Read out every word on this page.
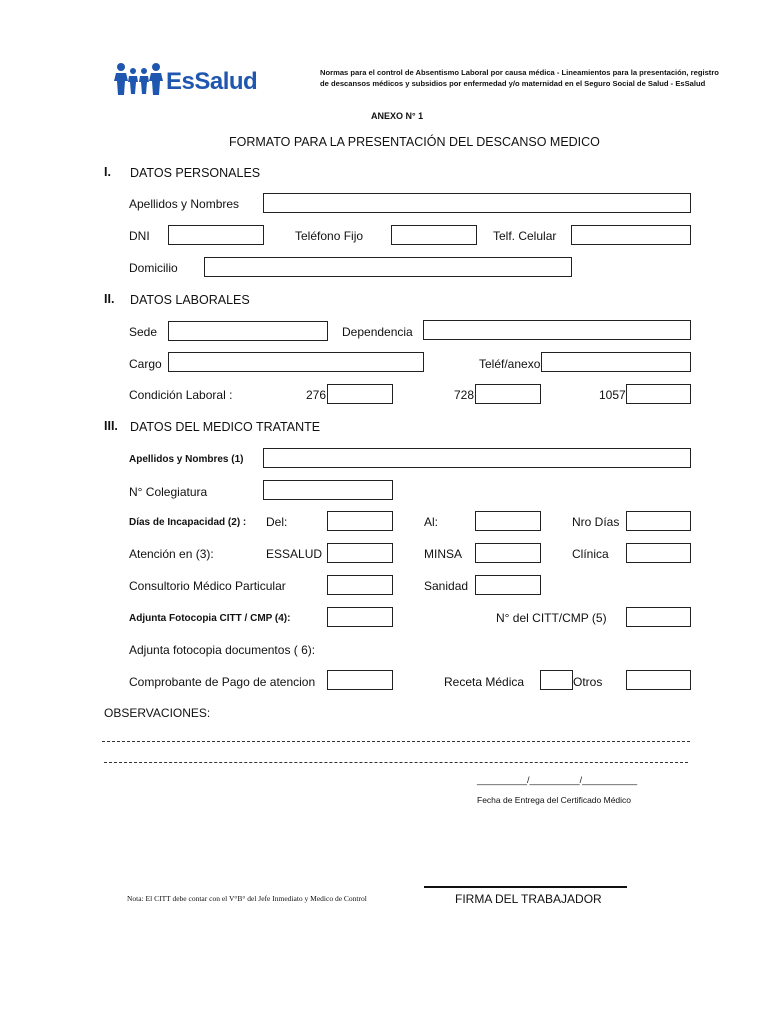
EsSalud	Normas para el control de Absentismo Laboral por causa médica - Lineamientos para la presentación, registro
de descansos médicos y subsidios por enfermedad y/o maternidad en el Seguro Social de Salud - EsSalud
ANEXO N° 1
FORMATO PARA LA PRESENTACIÓN DEL DESCANSO MEDICO
I. DATOS PERSONALES
Apellidos y Nombres
DNI	Teléfono Fijo	Telf. Celular
Domicilio
II. DATOS LABORALES
Sede	Dependencia
Cargo	Teléf/anexo
Condición Laboral :	276	728	1057
III. DATOS DEL MEDICO TRATANTE
Apellidos y Nombres (1)
N° Colegiatura
Días de Incapacidad (2) : Del:	Al:	Nro Días
Atención en (3):	ESSALUD	MINSA	Clínica
Consultorio Médico Particular	Sanidad
Adjunta Fotocopia CITT / CMP (4):	N° del CITT/CMP (5)
Adjunta fotocopia documentos ( 6):
Comprobante de Pago de atencion	Receta Médica	Otros
OBSERVACIONES:
__________/__________/___________
Fecha de Entrega del Certificado Médico
Nota: El CITT debe contar con el V°B° del Jefe Inmediato y Medico de Control	FIRMA DEL TRABAJADOR
